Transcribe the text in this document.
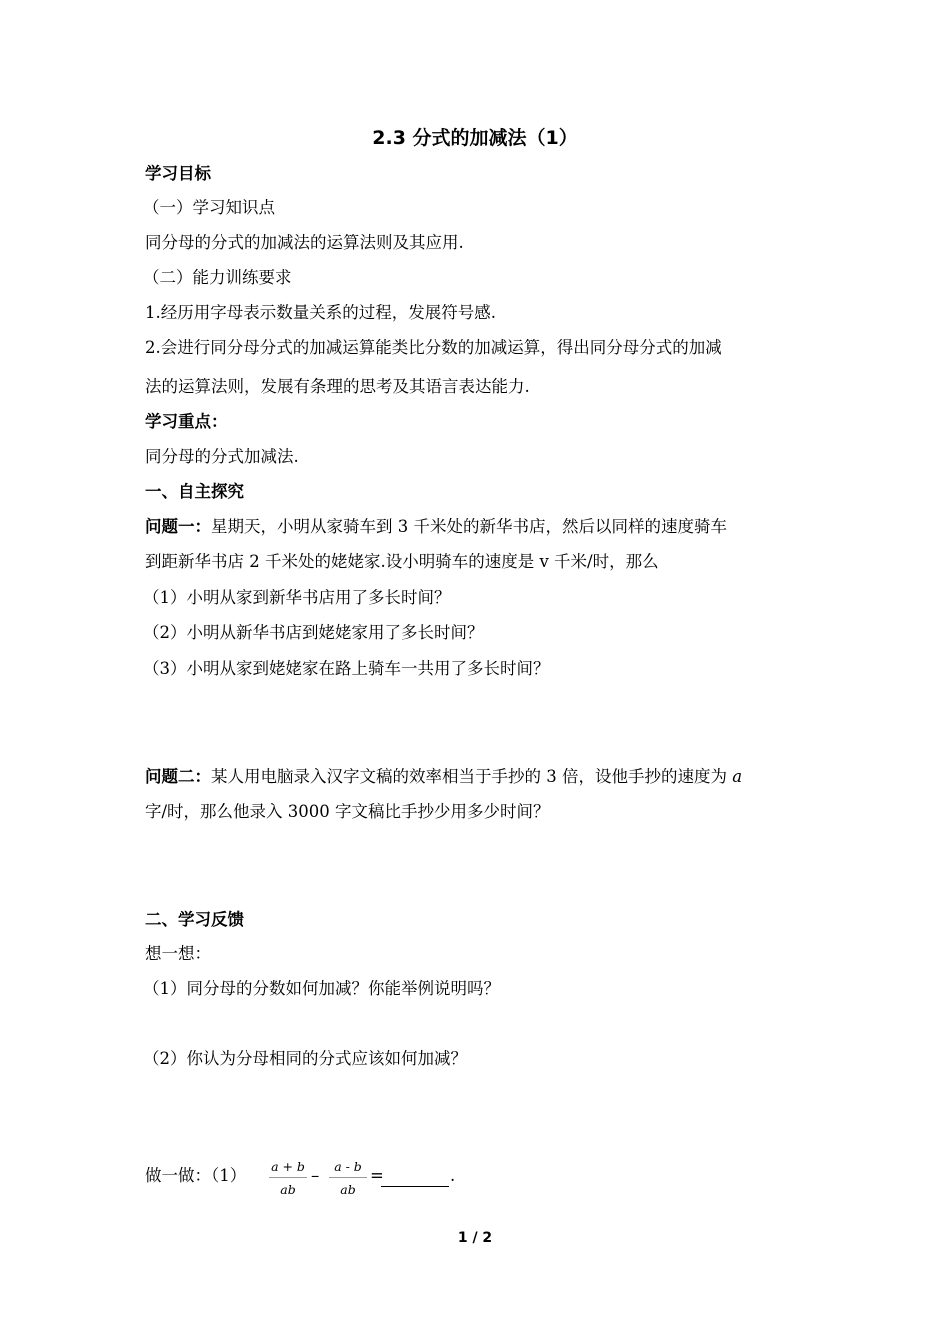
2.3 分式的加减法（1）
学习目标
（一）学习知识点
同分母的分式的加减法的运算法则及其应用.
（二）能力训练要求
1.经历用字母表示数量关系的过程，发展符号感.
2.会进行同分母分式的加减运算能类比分数的加减运算，得出同分母分式的加减
法的运算法则，发展有条理的思考及其语言表达能力.
学习重点：
同分母的分式加减法.
一、自主探究
问题一：星期天，小明从家骑车到 3 千米处的新华书店，然后以同样的速度骑车
到距新华书店 2 千米处的姥姥家.设小明骑车的速度是 v 千米/时，那么
（1）小明从家到新华书店用了多长时间？
（2）小明从新华书店到姥姥家用了多长时间？
（3）小明从家到姥姥家在路上骑车一共用了多长时间？
问题二：某人用电脑录入汉字文稿的效率相当于手抄的 3 倍，设他手抄的速度为 a
字/时，那么他录入 3000 字文稿比手抄少用多少时间？
二、学习反馈
想一想：
（1）同分母的分数如何加减？你能举例说明吗？
（2）你认为分母相同的分式应该如何加减？
做一做：（1） a + b
ab
– a - b
ab
=	.
1 / 2
